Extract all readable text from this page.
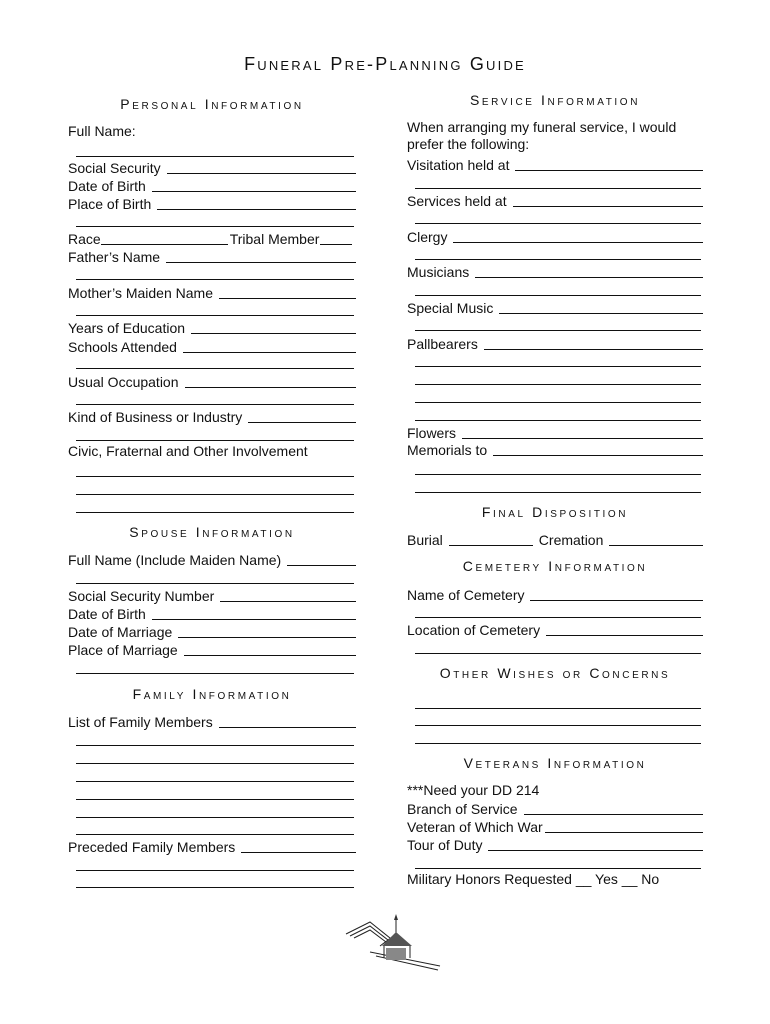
Funeral Pre-Planning Guide
Personal Information
Full Name:
Social Security
Date of Birth
Place of Birth
Race	Tribal Member
Father’s Name
Mother’s Maiden Name
Years of Education
Schools Attended
Usual Occupation
Kind of Business or Industry
Civic, Fraternal and Other Involvement
Spouse Information
Full Name (Include Maiden Name)
Social Security Number
Date of Birth
Date of Marriage
Place of Marriage
Family Information
List of Family Members
Preceded Family Members
Service Information
When arranging my funeral service, I would prefer the following:
Visitation held at
Services held at
Clergy
Musicians
Special Music
Pallbearers
Flowers
Memorials to
Final Disposition
Burial	Cremation
Cemetery Information
Name of Cemetery
Location of Cemetery
Other Wishes or Concerns
Veterans Information
***Need your DD 214
Branch of Service
Veteran of Which War
Tour of Duty
Military Honors Requested __ Yes __ No
